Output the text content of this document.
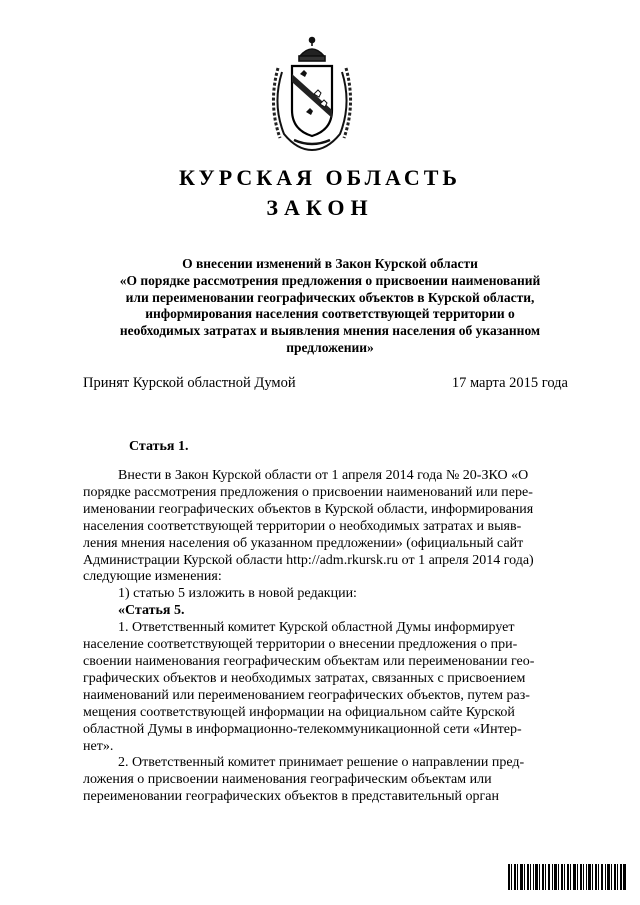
КУРСКАЯ ОБЛАСТЬ
ЗАКОН
О внесении изменений в Закон Курской области
«О порядке рассмотрения предложения о присвоении наименований
или переименовании географических объектов в Курской области,
информирования населения соответствующей территории о
необходимых затратах и выявления мнения населения об указанном
предложении»
Принят Курской областной Думой	17 марта 2015 года
Статья 1.
Внести в Закон Курской области от 1 апреля 2014 года № 20-ЗКО «О
порядке рассмотрения предложения о присвоении наименований или пере-
именовании географических объектов в Курской области, информирования
населения соответствующей территории о необходимых затратах и выяв-
ления мнения населения об указанном предложении» (официальный сайт
Администрации Курской области http://adm.rkursk.ru от 1 апреля 2014 года)
следующие изменения:
1) статью 5 изложить в новой редакции:
«Статья 5.
1. Ответственный комитет Курской областной Думы информирует
население соответствующей территории о внесении предложения о при-
своении наименования географическим объектам или переименовании гео-
графических объектов и необходимых затратах, связанных с присвоением
наименований или переименованием географических объектов, путем раз-
мещения соответствующей информации на официальном сайте Курской
областной Думы в информационно-телекоммуникационной сети «Интер-
нет».
2. Ответственный комитет принимает решение о направлении пред-
ложения о присвоении наименования географическим объектам или
переименовании географических объектов в представительный орган
